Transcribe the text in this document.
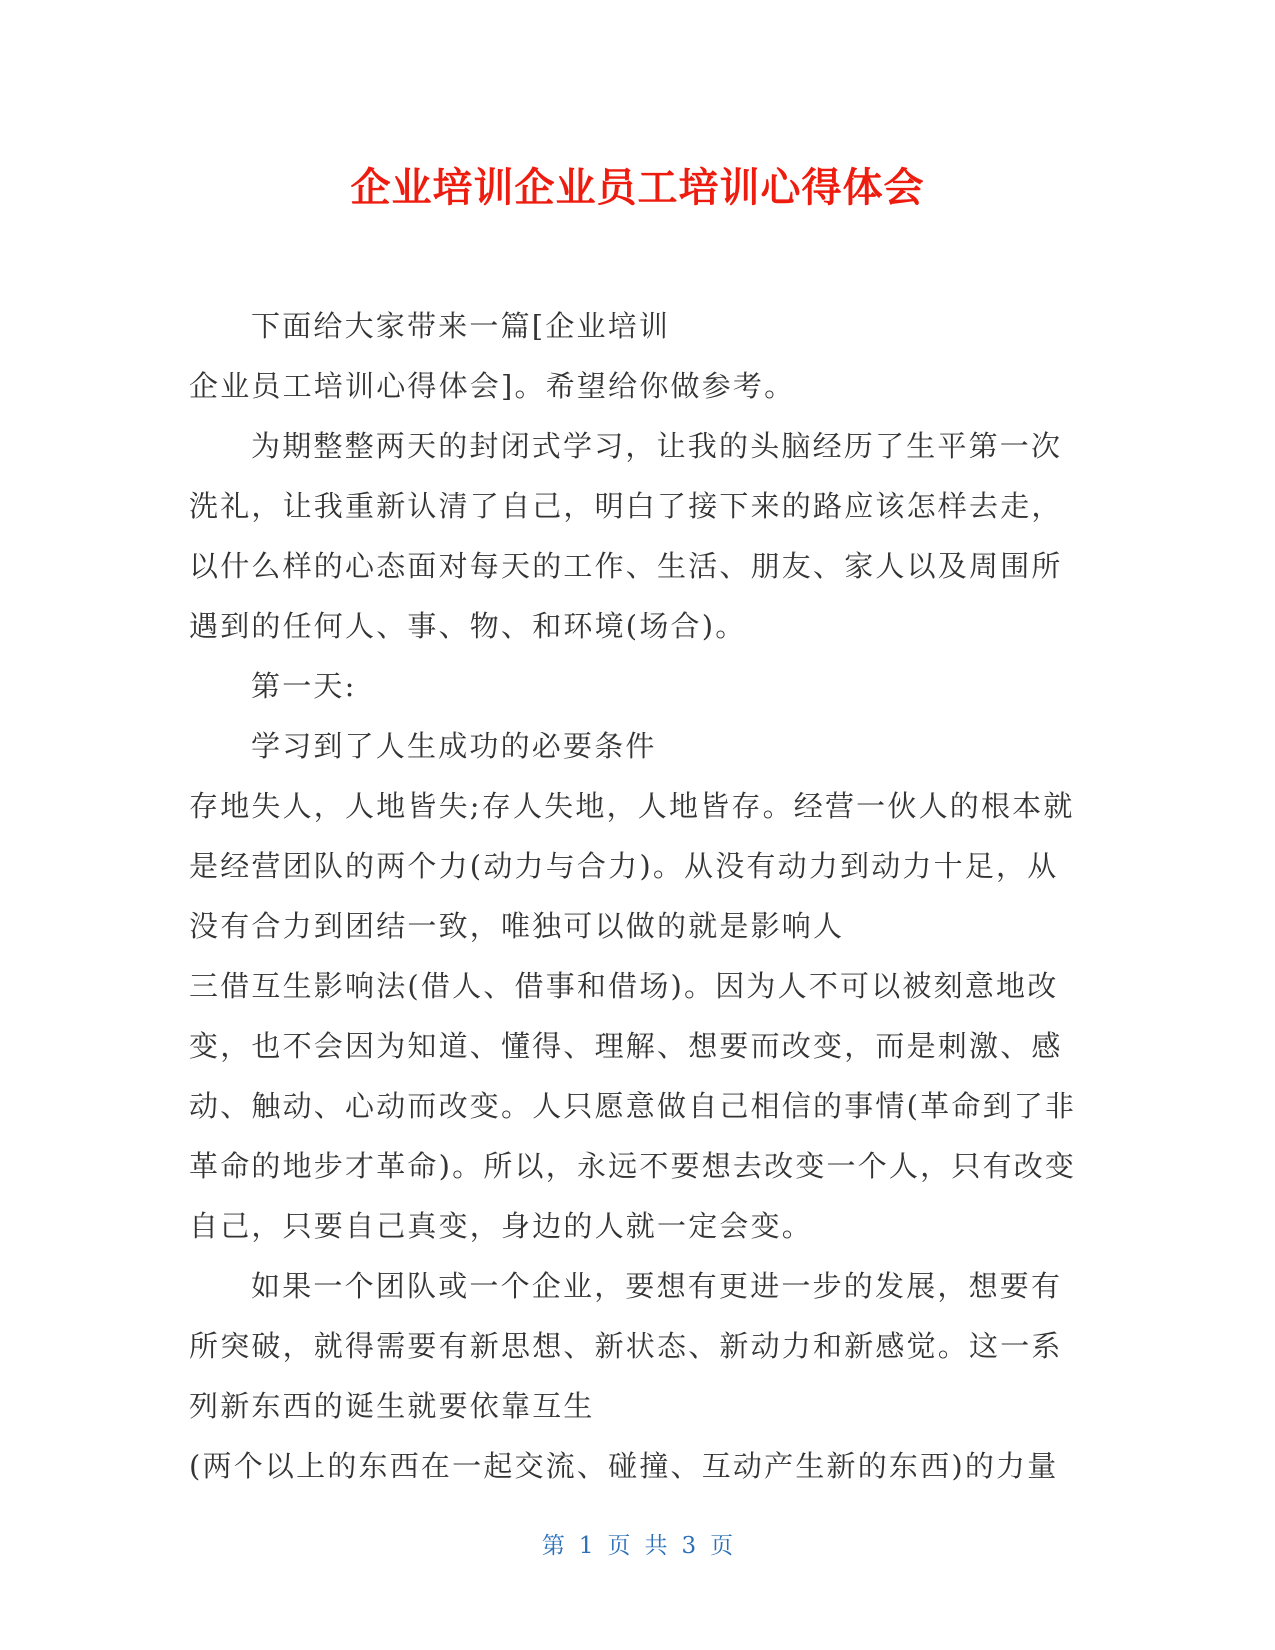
企业培训企业员工培训心得体会

下面给大家带来一篇[企业培训

企业员工培训心得体会]。希望给你做参考。

为期整整两天的封闭式学习，让我的头脑经历了生平第一次洗礼，让我重新认清了自己，明白了接下来的路应该怎样去走，以什么样的心态面对每天的工作、生活、朋友、家人以及周围所遇到的任何人、事、物、和环境(场合)。

第一天:

学习到了人生成功的必要条件

存地失人，人地皆失;存人失地，人地皆存。经营一伙人的根本就是经营团队的两个力(动力与合力)。从没有动力到动力十足，从没有合力到团结一致，唯独可以做的就是影响人

三借互生影响法(借人、借事和借场)。因为人不可以被刻意地改变，也不会因为知道、懂得、理解、想要而改变，而是刺激、感动、触动、心动而改变。人只愿意做自己相信的事情(革命到了非革命的地步才革命)。所以，永远不要想去改变一个人，只有改变自己，只要自己真变，身边的人就一定会变。

如果一个团队或一个企业，要想有更进一步的发展，想要有所突破，就得需要有新思想、新状态、新动力和新感觉。这一系列新东西的诞生就要依靠互生

(两个以上的东西在一起交流、碰撞、互动产生新的东西)的力量

第 1 页 共 3 页
